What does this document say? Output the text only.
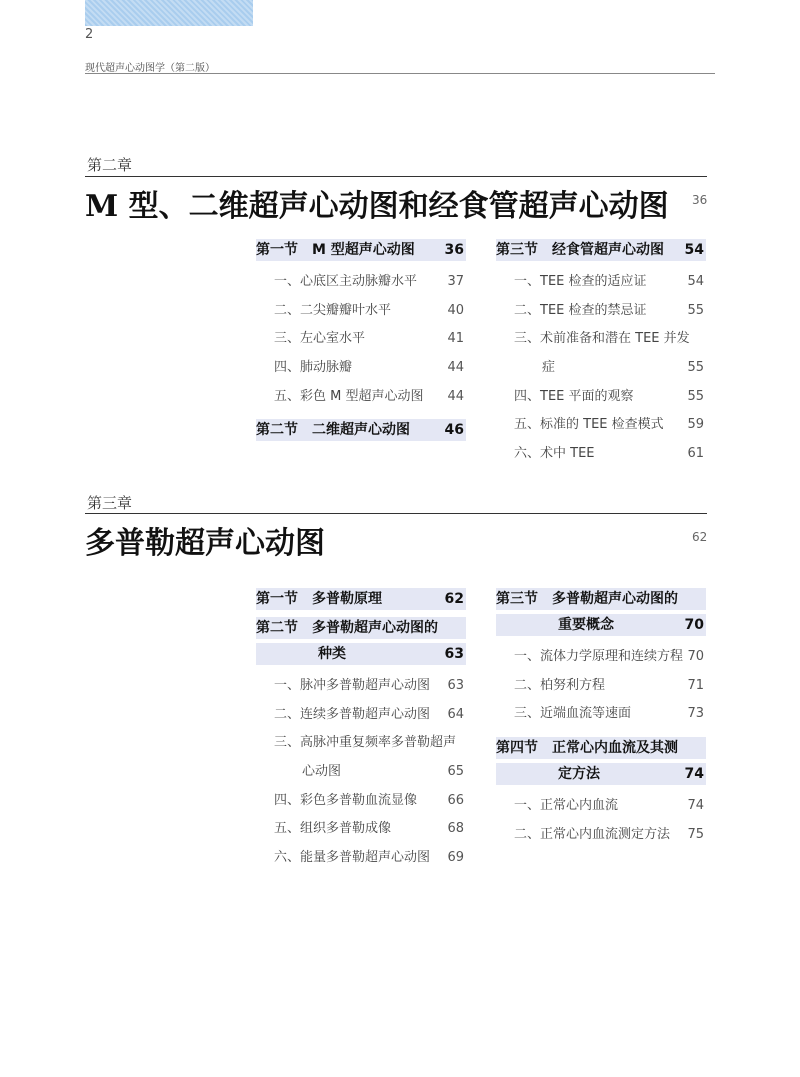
2
现代超声心动图学（第二版）
第二章
M 型、二维超声心动图和经食管超声心动图 36
第一节　M 型超声心动图 36
一、心底区主动脉瓣水平 37
二、二尖瓣瓣叶水平	40
三、左心室水平	41
四、肺动脉瓣	44
五、彩色 M 型超声心动图 44
第二节　二维超声心动图 46
第三节　经食管超声心动图 54
一、TEE 检查的适应证	54
二、TEE 检查的禁忌证	55
三、术前准备和潜在 TEE 并发
症	55
四、TEE 平面的观察	55
五、标准的 TEE 检查模式 59
六、术中 TEE	61
第三章
多普勒超声心动图	62
第一节　多普勒原理	62
第二节　多普勒超声心动图的
种类	63
一、脉冲多普勒超声心动图 63
二、连续多普勒超声心动图 64
三、高脉冲重复频率多普勒超声
心动图	65
四、彩色多普勒血流显像 66
五、组织多普勒成像	68
六、能量多普勒超声心动图 69
第三节　多普勒超声心动图的
重要概念	70
一、流体力学原理和连续方程 70
二、柏努利方程	71
三、近端血流等速面	73
第四节　正常心内血流及其测
定方法	74
一、正常心内血流	74
二、正常心内血流测定方法 75
